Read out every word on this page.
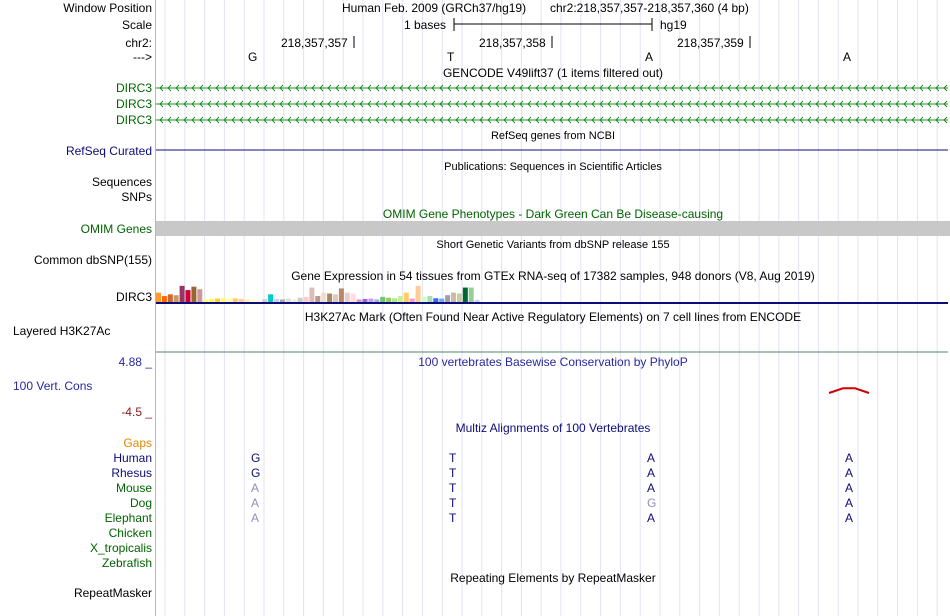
Window Position	Human Feb. 2009 (GRCh37/hg19) chr2:218,357,357-218,357,360 (4 bp)
Scale	1 bases	hg19
chr2:	218,357,357	218,357,358	218,357,359
--->	G	T	A	A
GENCODE V49lift37 (1 items filtered out)
DIRC3
DIRC3
DIRC3
RefSeq genes from NCBI
RefSeq Curated
Publications: Sequences in Scientific Articles
Sequences
SNPs
OMIM Gene Phenotypes - Dark Green Can Be Disease-causing
OMIM Genes
Short Genetic Variants from dbSNP release 155
Common dbSNP(155)
Gene Expression in 54 tissues from GTEx RNA-seq of 17382 samples, 948 donors (V8, Aug 2019)
DIRC3
H3K27Ac Mark (Often Found Near Active Regulatory Elements) on 7 cell lines from ENCODE
Layered H3K27Ac
100 vertebrates Basewise Conservation by PhyloP
4.88 _
100 Vert. Cons
-4.5 _
Multiz Alignments of 100 Vertebrates
Gaps
Human	G	T	A	A
Rhesus	G	T	A	A
Mouse	A	T	A	A
Dog	A	T	G	A
Elephant	A	T	A	A
Chicken
X_tropicalis
Zebrafish
Repeating Elements by RepeatMasker
RepeatMasker
